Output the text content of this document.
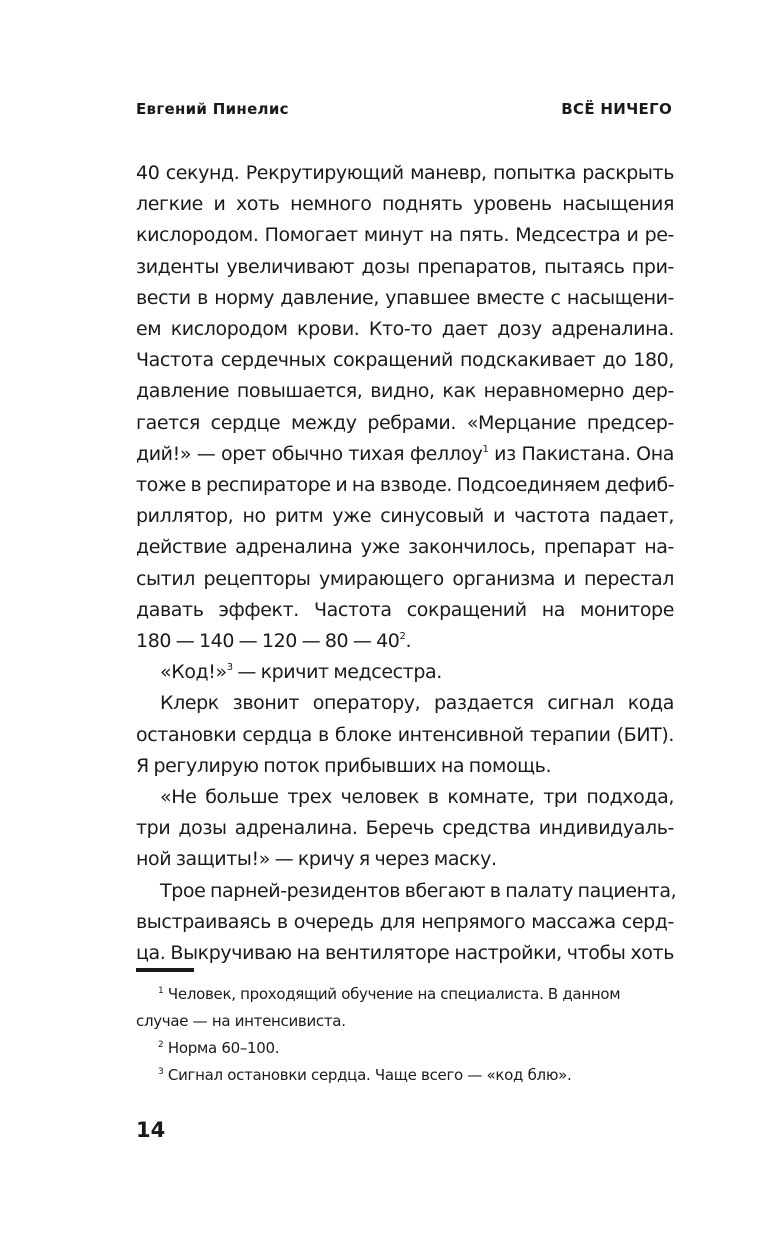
Евгений Пинелис	ВСЁ НИЧЕГО
40 секунд. Рекрутирующий маневр, попытка раскрыть
легкие и хоть немного поднять уровень насыщения
кислородом. Помогает минут на пять. Медсестра и ре-
зиденты увеличивают дозы препаратов, пытаясь при-
вести в норму давление, упавшее вместе с насыщени-
ем кислородом крови. Кто-то дает дозу адреналина.
Частота сердечных сокращений подскакивает до 180,
давление повышается, видно, как неравномерно дер-
гается сердце между ребрами. «Мерцание предсер-
дий!» — орет обычно тихая феллоу$^1$ из Пакистана. Она
тоже в респираторе и на взводе. Подсоединяем дефиб-
риллятор, но ритм уже синусовый и частота падает,
действие адреналина уже закончилось, препарат на-
сытил рецепторы умирающего организма и перестал
давать эффект. Частота сокращений на мониторе
180 — 140 — 120 — 80 — $40^2$.
«Код!»$^3$ — кричит медсестра.
Клерк звонит оператору, раздается сигнал кода
остановки сердца в блоке интенсивной терапии (БИТ).
Я регулирую поток прибывших на помощь.
«Не больше трех человек в комнате, три подхода,
три дозы адреналина. Беречь средства индивидуаль-
ной защиты!» — кричу я через маску.
Трое парней-резидентов вбегают в палату пациента,
выстраиваясь в очередь для непрямого массажа серд-
ца. Выкручиваю на вентиляторе настройки, чтобы хоть
$^1$ Человек, проходящий обучение на специалиста. В данном
случае — на интенсивиста.
$^2$ Норма 60–100.
$^3$ Сигнал остановки сердца. Чаще всего — «код блю».
14
